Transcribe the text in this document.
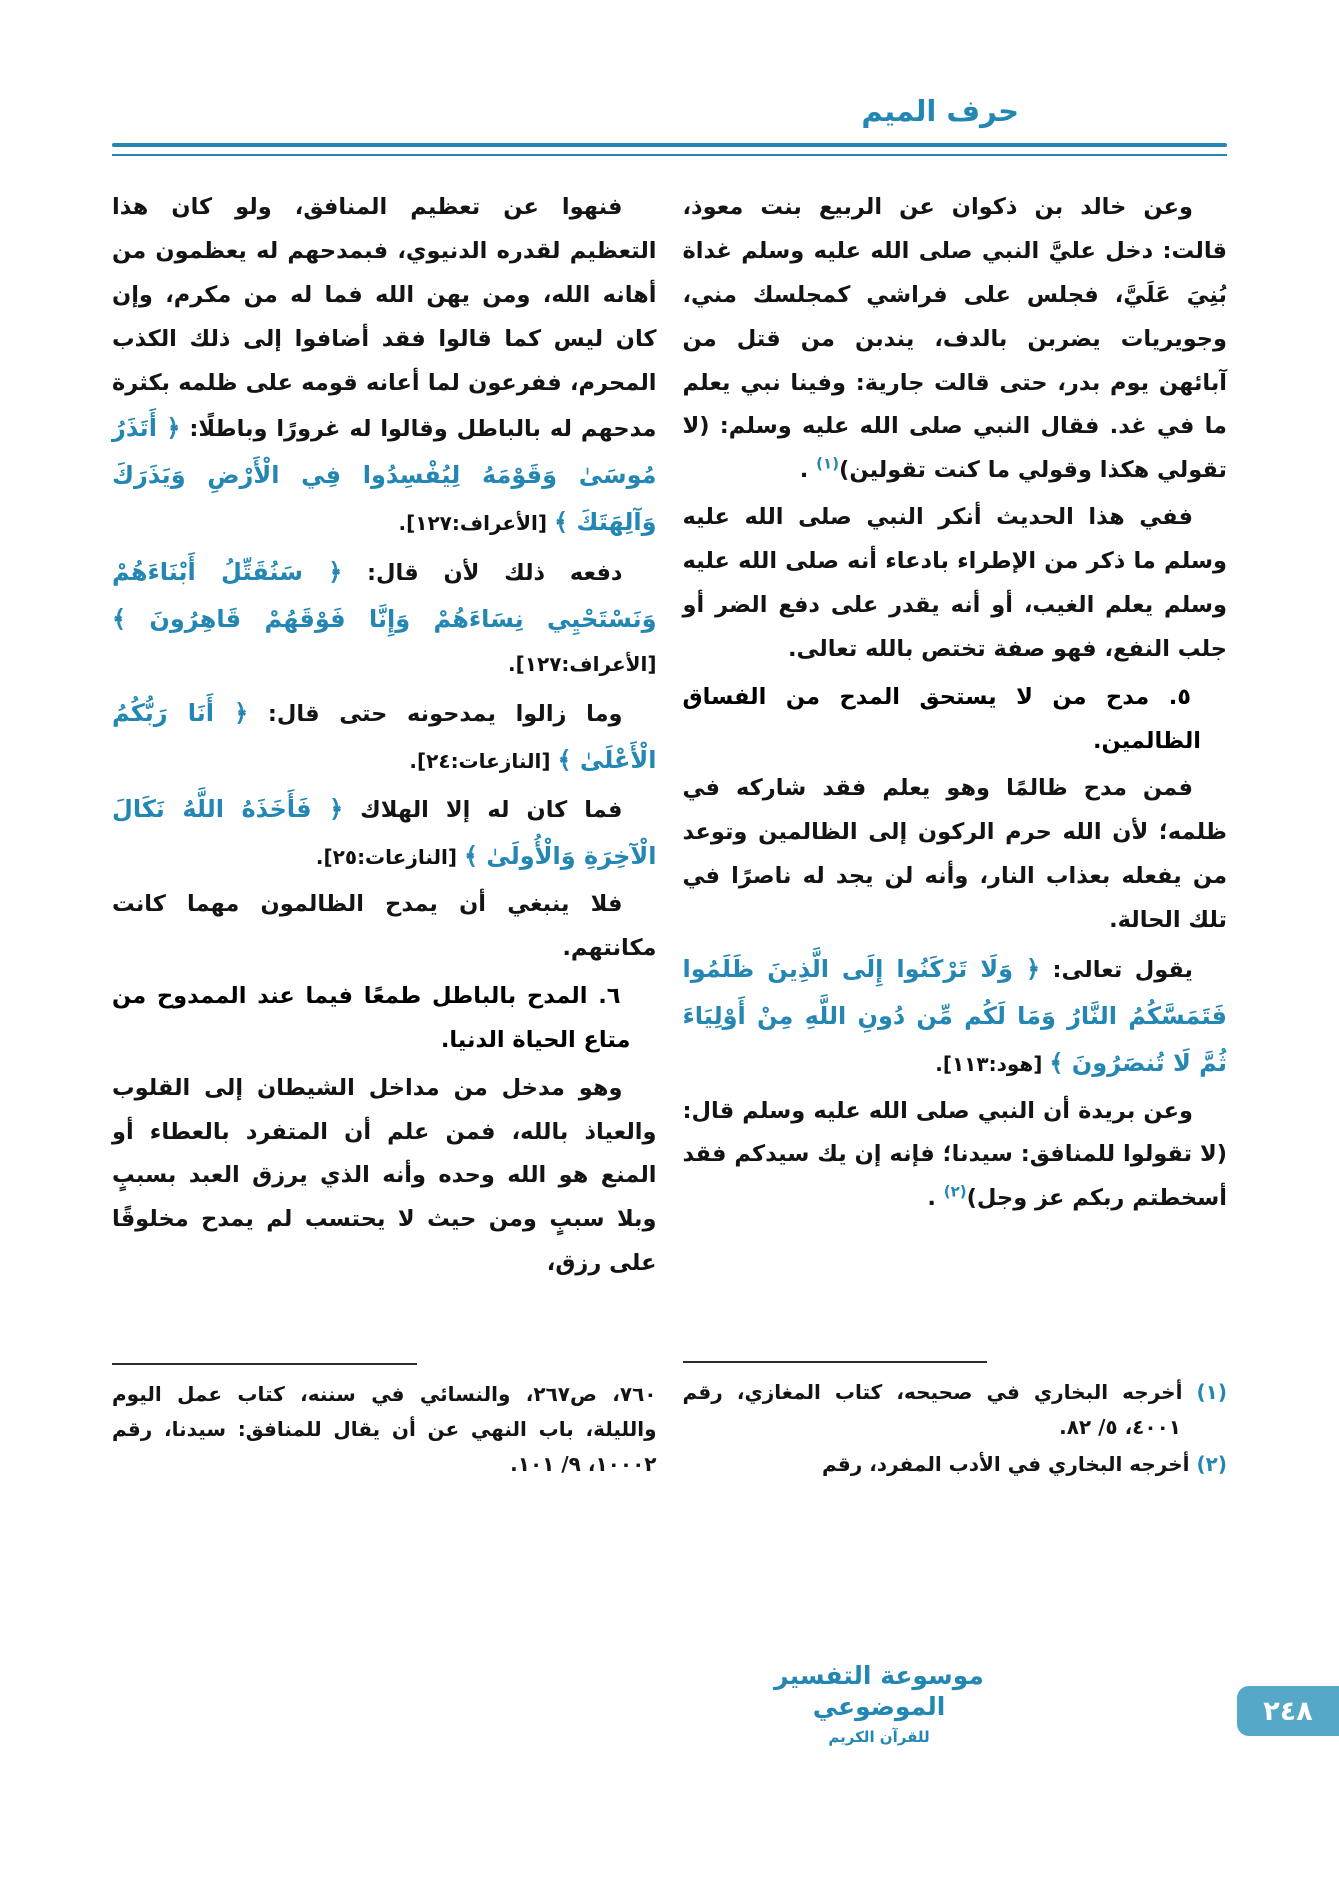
حرف الميم

وعن خالد بن ذكوان عن الربيع بنت معوذ، قالت: دخل عليَّ النبي صلى الله عليه وسلم غداة بُنِيَ عَلَيَّ، فجلس على فراشي كمجلسك مني، وجويريات يضربن بالدف، يندبن من قتل من آبائهن يوم بدر، حتى قالت جارية: وفينا نبي يعلم ما في غد. فقال النبي صلى الله عليه وسلم: (لا تقولي هكذا وقولي ما كنت تقولين)$^{(١)}$ .

ففي هذا الحديث أنكر النبي صلى الله عليه وسلم ما ذكر من الإطراء بادعاء أنه صلى الله عليه وسلم يعلم الغيب، أو أنه يقدر على دفع الضر أو جلب النفع، فهو صفة تختص بالله تعالى.

٥. مدح من لا يستحق المدح من الفساق الظالمين.

فمن مدح ظالمًا وهو يعلم فقد شاركه في ظلمه؛ لأن الله حرم الركون إلى الظالمين وتوعد من يفعله بعذاب النار، وأنه لن يجد له ناصرًا في تلك الحالة.

يقول تعالى: ﴿ وَلَا تَرْكَنُوا إِلَى الَّذِينَ ظَلَمُوا فَتَمَسَّكُمُ النَّارُ وَمَا لَكُم مِّن دُونِ اللَّهِ مِنْ أَوْلِيَاءَ ثُمَّ لَا تُنصَرُونَ ﴾ [هود:١١٣].

وعن بريدة أن النبي صلى الله عليه وسلم قال: (لا تقولوا للمنافق: سيدنا؛ فإنه إن يك سيدكم فقد أسخطتم ربكم عز وجل)$^{(٢)}$ .

(١) أخرجه البخاري في صحيحه، كتاب المغازي، رقم ٤٠٠١، ٥/ ٨٢.
(٢) أخرجه البخاري في الأدب المفرد، رقم

فنهوا عن تعظيم المنافق، ولو كان هذا التعظيم لقدره الدنيوي، فبمدحهم له يعظمون من أهانه الله، ومن يهن الله فما له من مكرم، وإن كان ليس كما قالوا فقد أضافوا إلى ذلك الكذب المحرم، ففرعون لما أعانه قومه على ظلمه بكثرة مدحهم له بالباطل وقالوا له غرورًا وباطلًا: ﴿ أَتَذَرُ مُوسَىٰ وَقَوْمَهُ لِيُفْسِدُوا فِي الْأَرْضِ وَيَذَرَكَ وَآلِهَتَكَ ﴾ [الأعراف:١٢٧].

دفعه ذلك لأن قال: ﴿ سَنُقَتِّلُ أَبْنَاءَهُمْ وَنَسْتَحْيِي نِسَاءَهُمْ وَإِنَّا فَوْقَهُمْ قَاهِرُونَ ﴾ [الأعراف:١٢٧].

وما زالوا يمدحونه حتى قال: ﴿ أَنَا رَبُّكُمُ الْأَعْلَىٰ ﴾ [النازعات:٢٤].

فما كان له إلا الهلاك ﴿ فَأَخَذَهُ اللَّهُ نَكَالَ الْآخِرَةِ وَالْأُولَىٰ ﴾ [النازعات:٢٥].

فلا ينبغي أن يمدح الظالمون مهما كانت مكانتهم.

٦. المدح بالباطل طمعًا فيما عند الممدوح من متاع الحياة الدنيا.

وهو مدخل من مداخل الشيطان إلى القلوب والعياذ بالله، فمن علم أن المتفرد بالعطاء أو المنع هو الله وحده وأنه الذي يرزق العبد بسببٍ وبلا سببٍ ومن حيث لا يحتسب لم يمدح مخلوقًا على رزق،

٧٦٠، ص٢٦٧، والنسائي في سننه، كتاب عمل اليوم والليلة، باب النهي عن أن يقال للمنافق: سيدنا، رقم ١٠٠٠٢، ٩/ ١٠١.
موسوعة التفسير الموضوعي
للقرآن الكريم
٢٤٨
